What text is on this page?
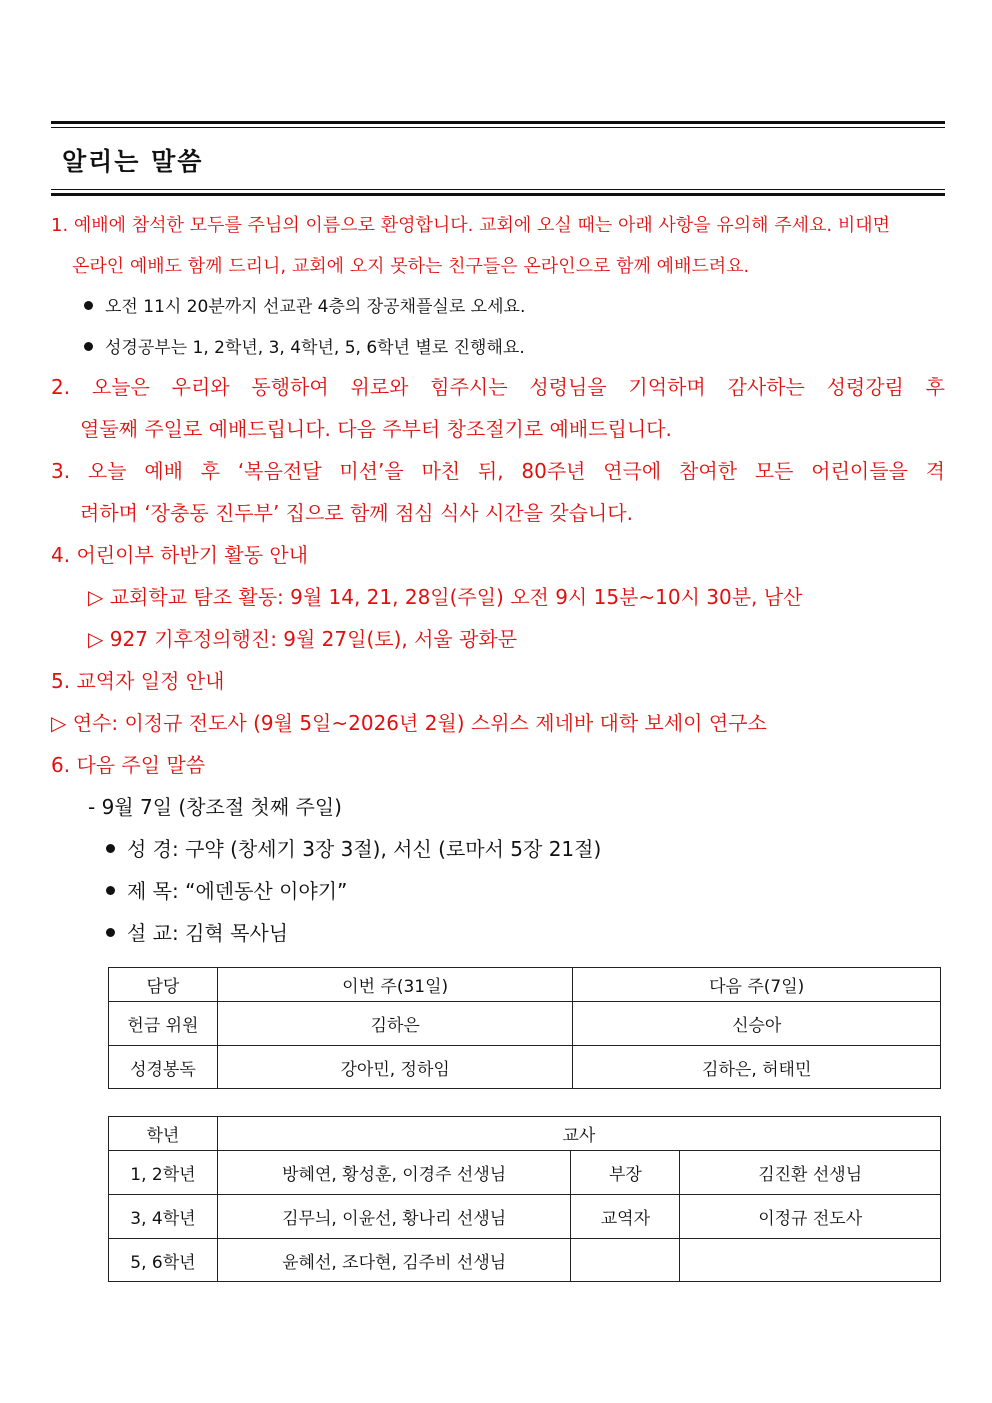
알리는 말씀
1. 예배에 참석한 모두를 주님의 이름으로 환영합니다. 교회에 오실 때는 아래 사항을 유의해 주세요. 비대면
온라인 예배도 함께 드리니, 교회에 오지 못하는 친구들은 온라인으로 함께 예배드려요.
오전 11시 20분까지 선교관 4층의 장공채플실로 오세요.
성경공부는 1, 2학년, 3, 4학년, 5, 6학년 별로 진행해요.
2. 오늘은 우리와 동행하여 위로와 힘주시는 성령님을 기억하며 감사하는 성령강림 후
열둘째 주일로 예배드립니다. 다음 주부터 창조절기로 예배드립니다.
3. 오늘 예배 후 ‘복음전달 미션’을 마친 뒤, 80주년 연극에 참여한 모든 어린이들을 격
려하며 ‘장충동 진두부’ 집으로 함께 점심 식사 시간을 갖습니다.
4. 어린이부 하반기 활동 안내
▷ 교회학교 탐조 활동: 9월 14, 21, 28일(주일) 오전 9시 15분~10시 30분, 남산
▷ 927 기후정의행진: 9월 27일(토), 서울 광화문
5. 교역자 일정 안내
▷ 연수: 이정규 전도사 (9월 5일~2026년 2월) 스위스 제네바 대학 보세이 연구소
6. 다음 주일 말씀
- 9월 7일 (창조절 첫째 주일)
성 경: 구약 (창세기 3장 3절), 서신 (로마서 5장 21절)
제 목: “에덴동산 이야기”
설 교: 김혁 목사님
담당	이번 주(31일)	다음 주(7일)
헌금 위원	김하은	신승아
성경봉독	강아민, 정하임	김하은, 허태민
학년	교사		
1, 2학년	방혜연, 황성훈, 이경주 선생님	부장	김진환 선생님
3, 4학년	김무늬, 이윤선, 황나리 선생님	교역자	이정규 전도사
5, 6학년	윤혜선, 조다현, 김주비 선생님		
